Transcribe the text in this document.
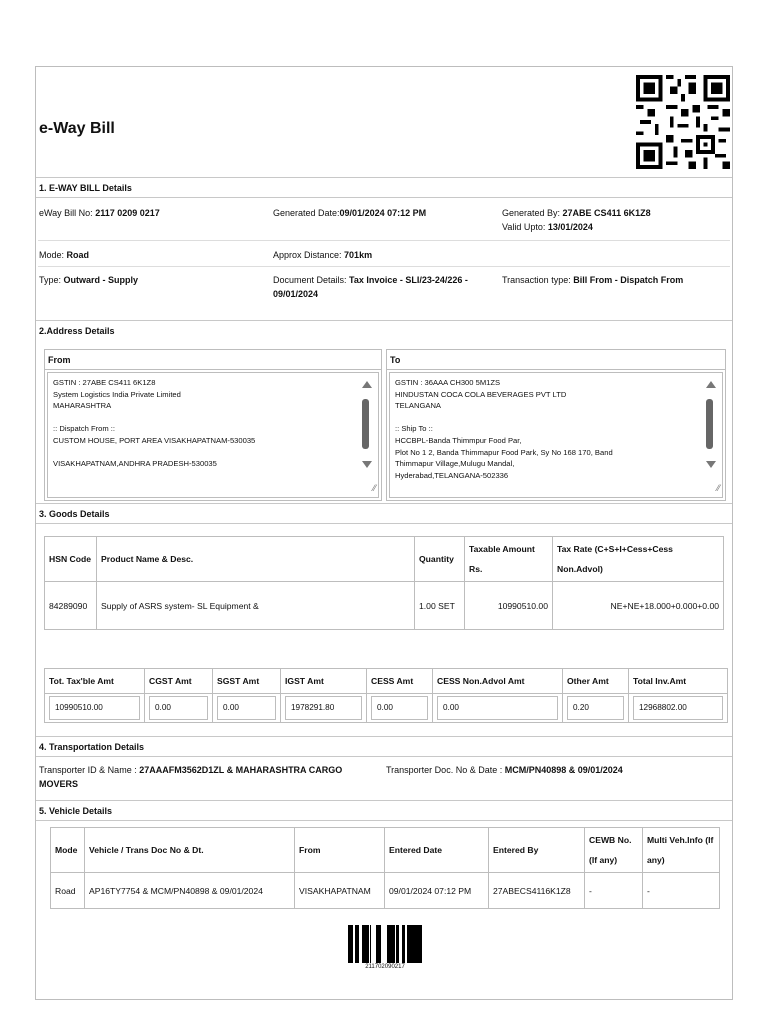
e-Way Bill
1. E-WAY BILL Details
eWay Bill No: 2117 0209 0217	Generated Date:09/01/2024 07:12 PM	Generated By: 27ABE CS411 6K1Z8
Valid Upto: 13/01/2024
Mode: Road	Approx Distance: 701km
Type: Outward - Supply	Document Details: Tax Invoice - SLI/23-24/226 - 09/01/2024
Transaction type: Bill From - Dispatch From
2.Address Details
From
GSTIN : 27ABE CS411 6K1Z8
System Logistics India Private Limited
MAHARASHTRA
:: Dispatch From ::
CUSTOM HOUSE, PORT AREA VISAKHAPATNAM-530035
VISAKHAPATNAM,ANDHRA PRADESH-530035
⁄⁄
To
GSTIN : 36AAA CH300 5M1ZS
HINDUSTAN COCA COLA BEVERAGES PVT LTD
TELANGANA
:: Ship To ::
HCCBPL-Banda Thimmpur Food Par,
Plot No 1 2, Banda Thimmapur Food Park, Sy No 168 170, Band
Thimmapur Village,Mulugu Mandal,
Hyderabad,TELANGANA-502336
⁄⁄
3. Goods Details
HSN Code	Product Name & Desc.	Quantity	Taxable Amount Rs.	Tax Rate (C+S+I+Cess+Cess Non.Advol)
84289090	Supply of ASRS system- SL Equipment &	1.00 SET	10990510.00	NE+NE+18.000+0.000+0.00
Tot. Tax'ble Amt	CGST Amt	SGST Amt	IGST Amt	CESS Amt	CESS Non.Advol Amt	Other Amt	Total Inv.Amt

10990510.00	0.00	0.00	1978291.80	0.00	0.00	0.20	12968802.00
4. Transportation Details
Transporter ID & Name : 27AAAFM3562D1ZL & MAHARASHTRA CARGO MOVERS
Transporter Doc. No & Date : MCM/PN40898 & 09/01/2024
5. Vehicle Details
Mode	Vehicle / Trans Doc No & Dt.	From	Entered Date	Entered By	CEWB No. (If any)	Multi Veh.Info (If any)
Road	AP16TY7754 & MCM/PN40898 & 09/01/2024	VISAKHAPATNAM	09/01/2024 07:12 PM	27ABECS4116K1Z8	-	-
211702090217
